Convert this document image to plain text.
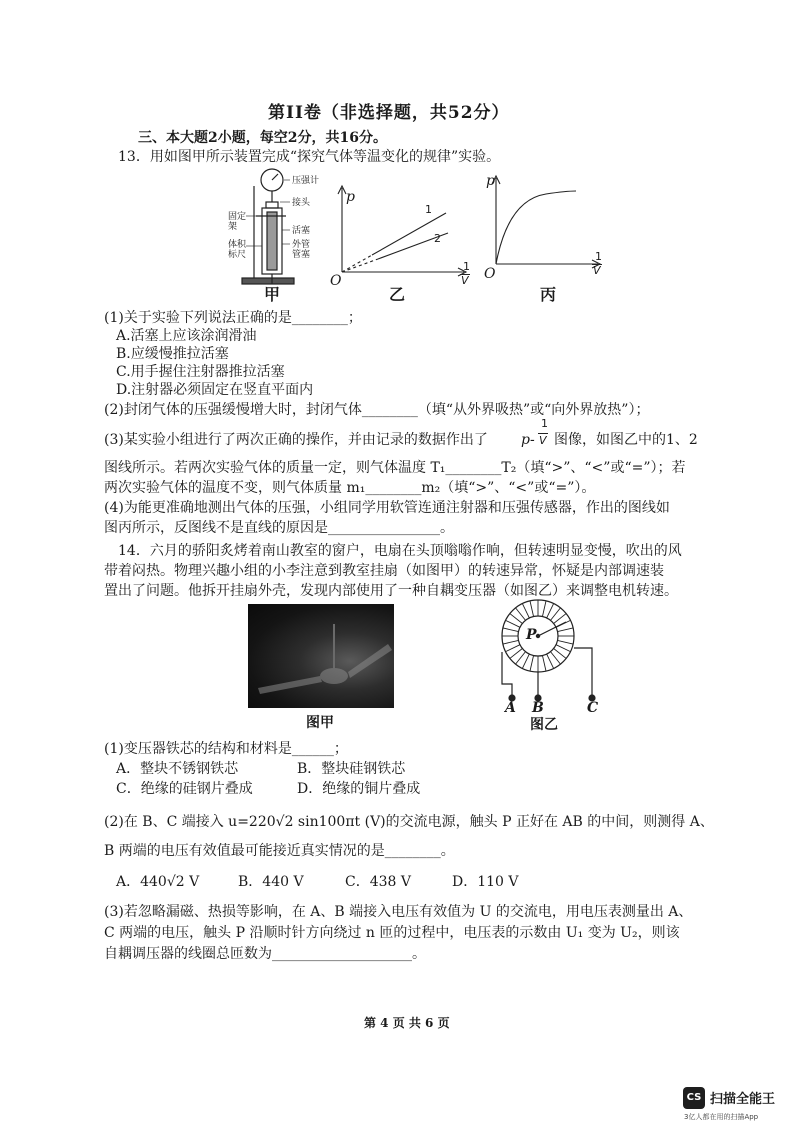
第II卷（非选择题，共52分）
三、本大题2小题，每空2分，共16分。
13．用如图甲所示装置完成“探究气体等温变化的规律”实验。
压强计
接头
固定架	活塞
体积标尺
外管管塞
甲
p
O
1
2
1
V
乙
p
O
1
V
丙
(1)关于实验下列说法正确的是________；
A.活塞上应该涂润滑油
B.应缓慢推拉活塞
C.用手握住注射器推拉活塞
D.注射器必须固定在竖直平面内
(2)封闭气体的压强缓慢增大时，封闭气体________（填“从外界吸热”或“向外界放热”）；
(3)某实验小组进行了两次正确的操作，并由记录的数据作出了 p-
1
V 图像，如图乙中的1、2
图线所示。若两次实验气体的质量一定，则气体温度 T₁________T₂（填“>”、“<”或“=”）；若
两次实验气体的温度不变，则气体质量 m₁________m₂（填“>”、“<”或“=”）。
(4)为能更准确地测出气体的压强，小组同学用软管连通注射器和压强传感器，作出的图线如
图丙所示，反图线不是直线的原因是________________。
14．六月的骄阳炙烤着南山教室的窗户，电扇在头顶嗡嗡作响，但转速明显变慢，吹出的风
带着闷热。物理兴趣小组的小李注意到教室挂扇（如图甲）的转速异常，怀疑是内部调速装
置出了问题。他拆开挂扇外壳，发现内部使用了一种自耦变压器（如图乙）来调整电机转速。
图甲
P
A B	C
图乙
(1)变压器铁芯的结构和材料是______；
A．整块不锈钢铁芯	B．整块硅钢铁芯
C．绝缘的硅钢片叠成	D．绝缘的铜片叠成
(2)在 B、C 端接入 u=220√2 sin100πt (V)的交流电源，触头 P 正好在 AB 的中间，则测得 A、
B 两端的电压有效值最可能接近真实情况的是________。
A．440√2 V	B．440 V	C．438 V	D．110 V
(3)若忽略漏磁、热损等影响，在 A、B 端接入电压有效值为 U 的交流电，用电压表测量出 A、
C 两端的电压，触头 P 沿顺时针方向绕过 n 匝的过程中，电压表的示数由 U₁ 变为 U₂，则该
自耦调压器的线圈总匝数为____________________。
第 4 页 共 6 页
CS 扫描全能王
3亿人都在用的扫描App
